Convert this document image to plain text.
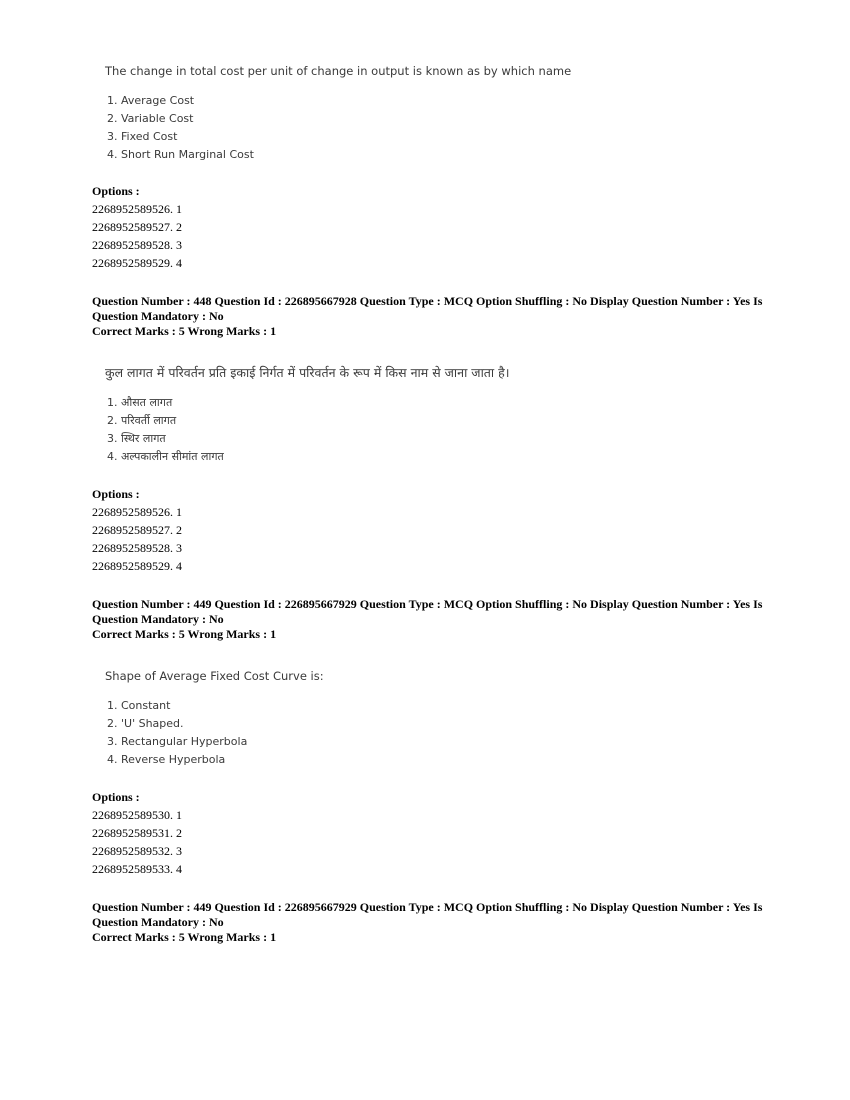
The change in total cost per unit of change in output is known as by which name
1. Average Cost
2. Variable Cost
3. Fixed Cost
4. Short Run Marginal Cost
Options :
2268952589526. 1
2268952589527. 2
2268952589528. 3
2268952589529. 4
Question Number : 448 Question Id : 226895667928 Question Type : MCQ Option Shuffling : No Display Question Number : Yes Is Question Mandatory : No
Correct Marks : 5 Wrong Marks : 1
कुल लागत में परिवर्तन प्रति इकाई निर्गत में परिवर्तन के रूप में किस नाम से जाना जाता है।
1. औसत लागत
2. परिवर्ती लागत
3. स्थिर लागत
4. अल्पकालीन सीमांत लागत
Options :
2268952589526. 1
2268952589527. 2
2268952589528. 3
2268952589529. 4
Question Number : 449 Question Id : 226895667929 Question Type : MCQ Option Shuffling : No Display Question Number : Yes Is Question Mandatory : No
Correct Marks : 5 Wrong Marks : 1
Shape of Average Fixed Cost Curve is:
1. Constant
2. 'U' Shaped.
3. Rectangular Hyperbola
4. Reverse Hyperbola
Options :
2268952589530. 1
2268952589531. 2
2268952589532. 3
2268952589533. 4
Question Number : 449 Question Id : 226895667929 Question Type : MCQ Option Shuffling : No Display Question Number : Yes Is Question Mandatory : No
Correct Marks : 5 Wrong Marks : 1
